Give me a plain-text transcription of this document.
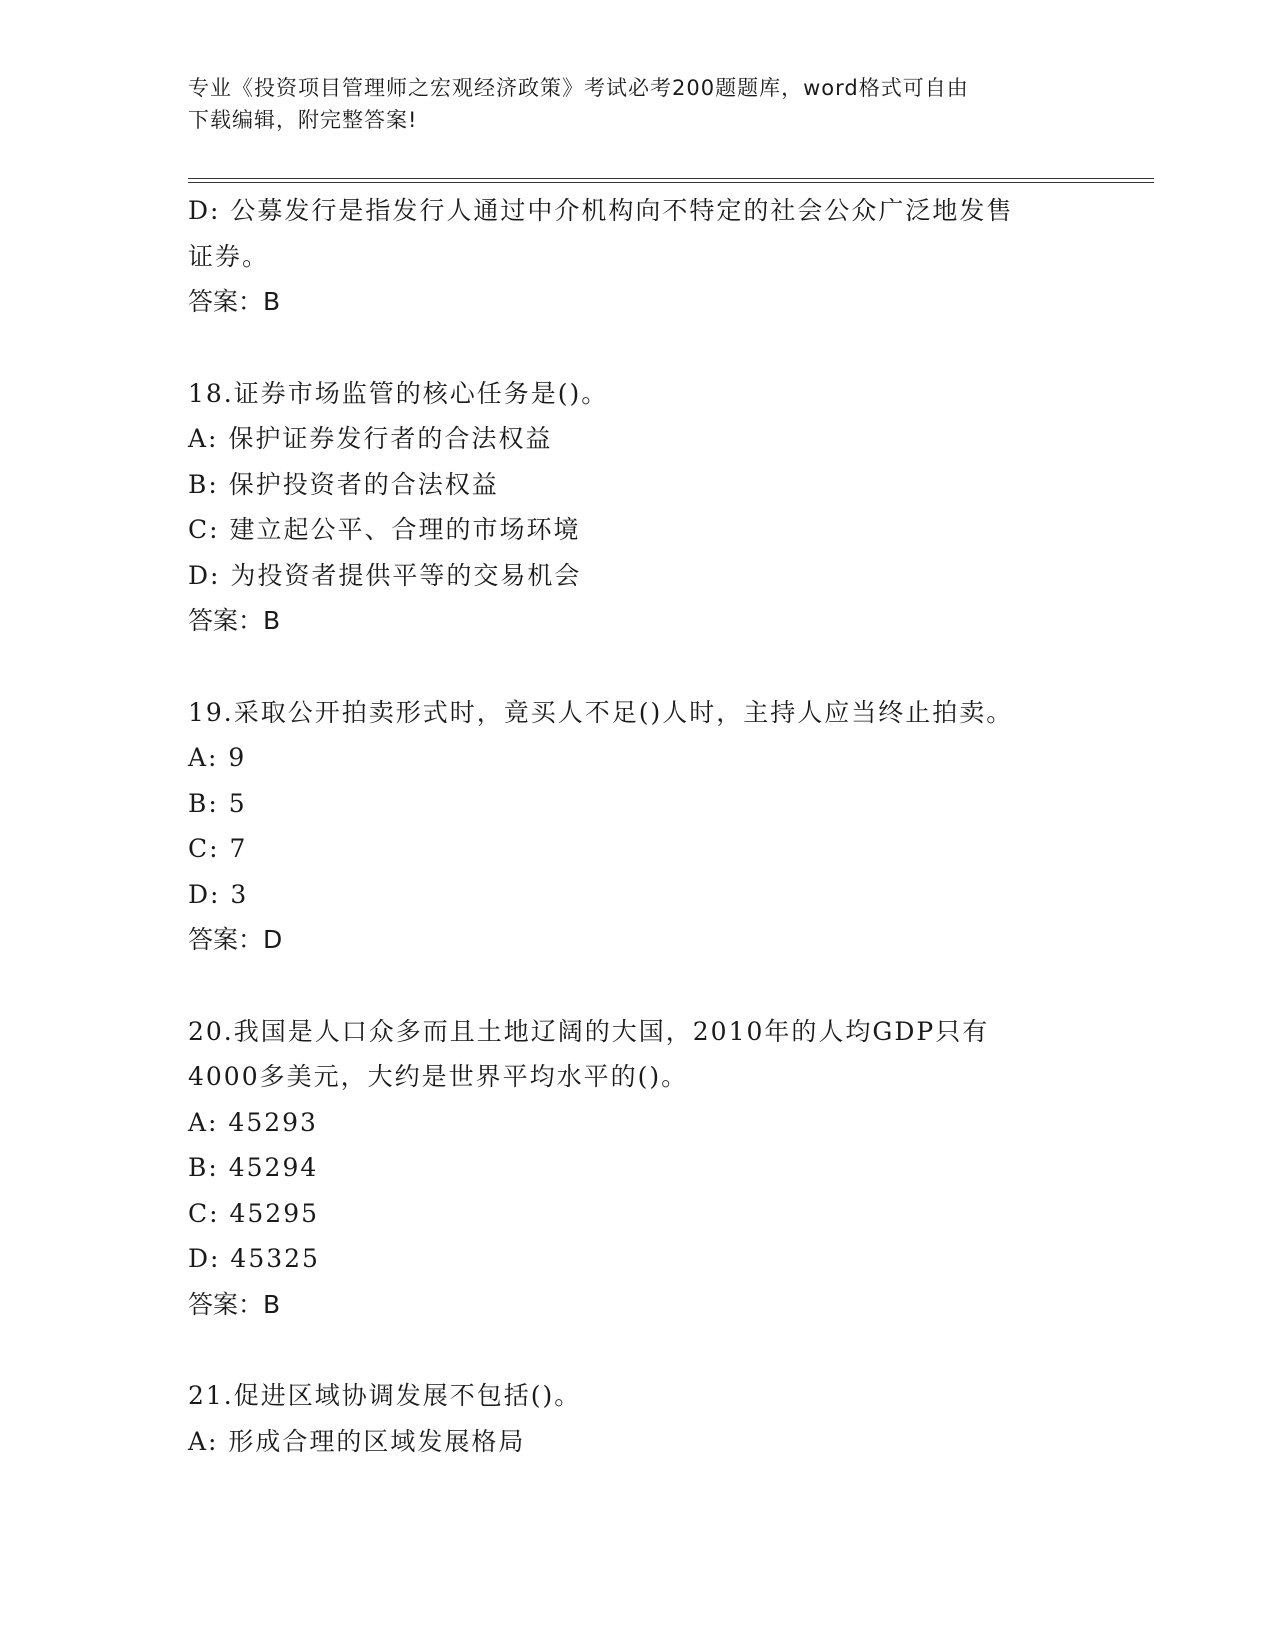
专业《投资项目管理师之宏观经济政策》考试必考200题题库，word格式可自由
下载编辑，附完整答案!
D: 公募发行是指发行人通过中介机构向不特定的社会公众广泛地发售
证券。
答案：B
18.证券市场监管的核心任务是()。
A: 保护证券发行者的合法权益
B: 保护投资者的合法权益
C: 建立起公平、合理的市场环境
D: 为投资者提供平等的交易机会
答案：B
19.采取公开拍卖形式时，竟买人不足()人时，主持人应当终止拍卖。
A: 9
B: 5
C: 7
D: 3
答案：D
20.我国是人口众多而且土地辽阔的大国，2010年的人均GDP只有
4000多美元，大约是世界平均水平的()。
A: 45293
B: 45294
C: 45295
D: 45325
答案：B
21.促进区域协调发展不包括()。
A: 形成合理的区域发展格局
